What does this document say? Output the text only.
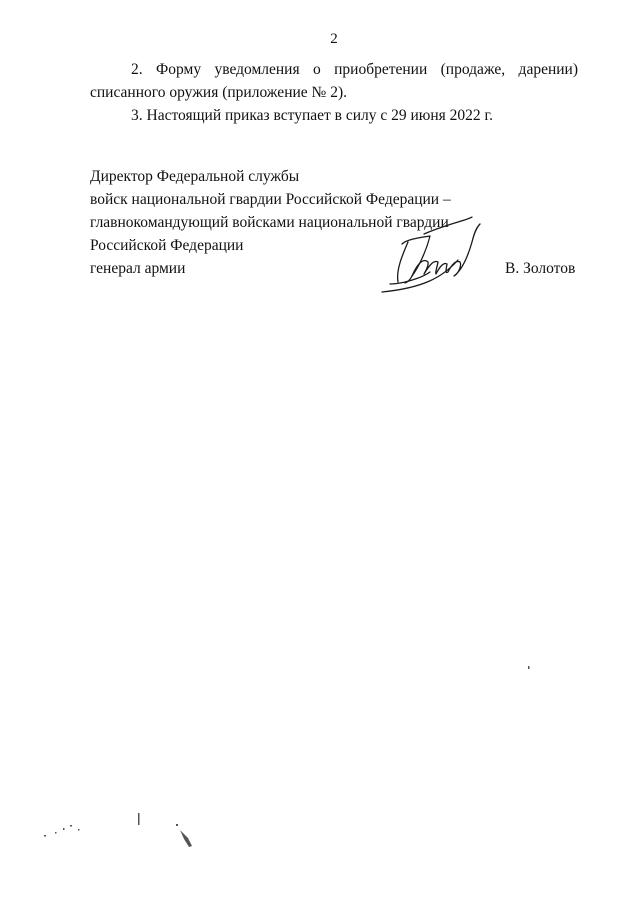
2
2. Форму уведомления о приобретении (продаже, дарении)
списанного оружия (приложение № 2).
3. Настоящий приказ вступает в силу с 29 июня 2022 г.
Директор Федеральной службы
войск национальной гвардии Российской Федерации –
главнокомандующий войсками национальной гвардии
Российской Федерации
генерал армии	В. Золотов
